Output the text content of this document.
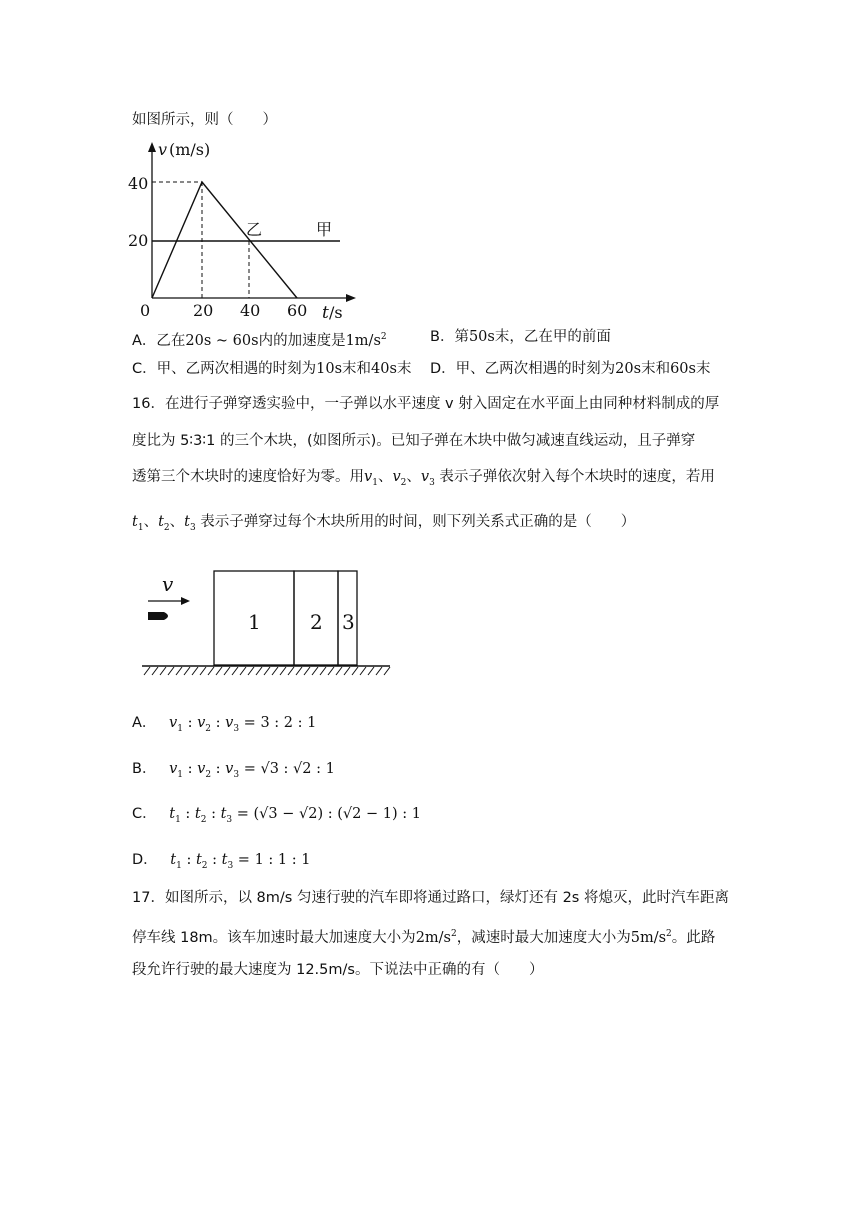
如图所示，则（　　）
v (m/s)
t /s
40
20
0	20 40 60
乙	甲
A．乙在20s ~ 60s内的加速度是$1m/s^2$	B．第50s末，乙在甲的前面
C．甲、乙两次相遇的时刻为10s末和40s末 D．甲、乙两次相遇的时刻为20s末和60s末
16．在进行子弹穿透实验中，一子弹以水平速度 v 射入固定在水平面上由同种材料制成的厚
度比为 5∶3∶1 的三个木块，(如图所示)。已知子弹在木块中做匀减速直线运动，且子弹穿
透第三个木块时的速度恰好为零。用$v_1$、$v_2$、$v_3$ 表示子弹依次射入每个木块时的速度，若用
$t_1$、$t_2$、$t_3$ 表示子弹穿过每个木块所用的时间，则下列关系式正确的是（　　）
v
1 2 3
A． $v_1$ : $v_2$ : $v_3 = 3$ : 2 : 1
B． $v_1$ : $v_2$ : $v_3 = √3$ : √2 : 1
C． $t_1$ : $t_2$ : $t_3 = (√3 - √2)$ : (√2 − 1) : 1
D． $t_1$ : $t_2$ : $t_3 = 1$ : 1 : 1
17．如图所示，以 8m/s 匀速行驶的汽车即将通过路口，绿灯还有 2s 将熄灭，此时汽车距离
停车线 18m。该车加速时最大加速度大小为$2m/s^2$，减速时最大加速度大小为$5m/s^2$。此路
段允许行驶的最大速度为 12.5m/s。下说法中正确的有（　　）
